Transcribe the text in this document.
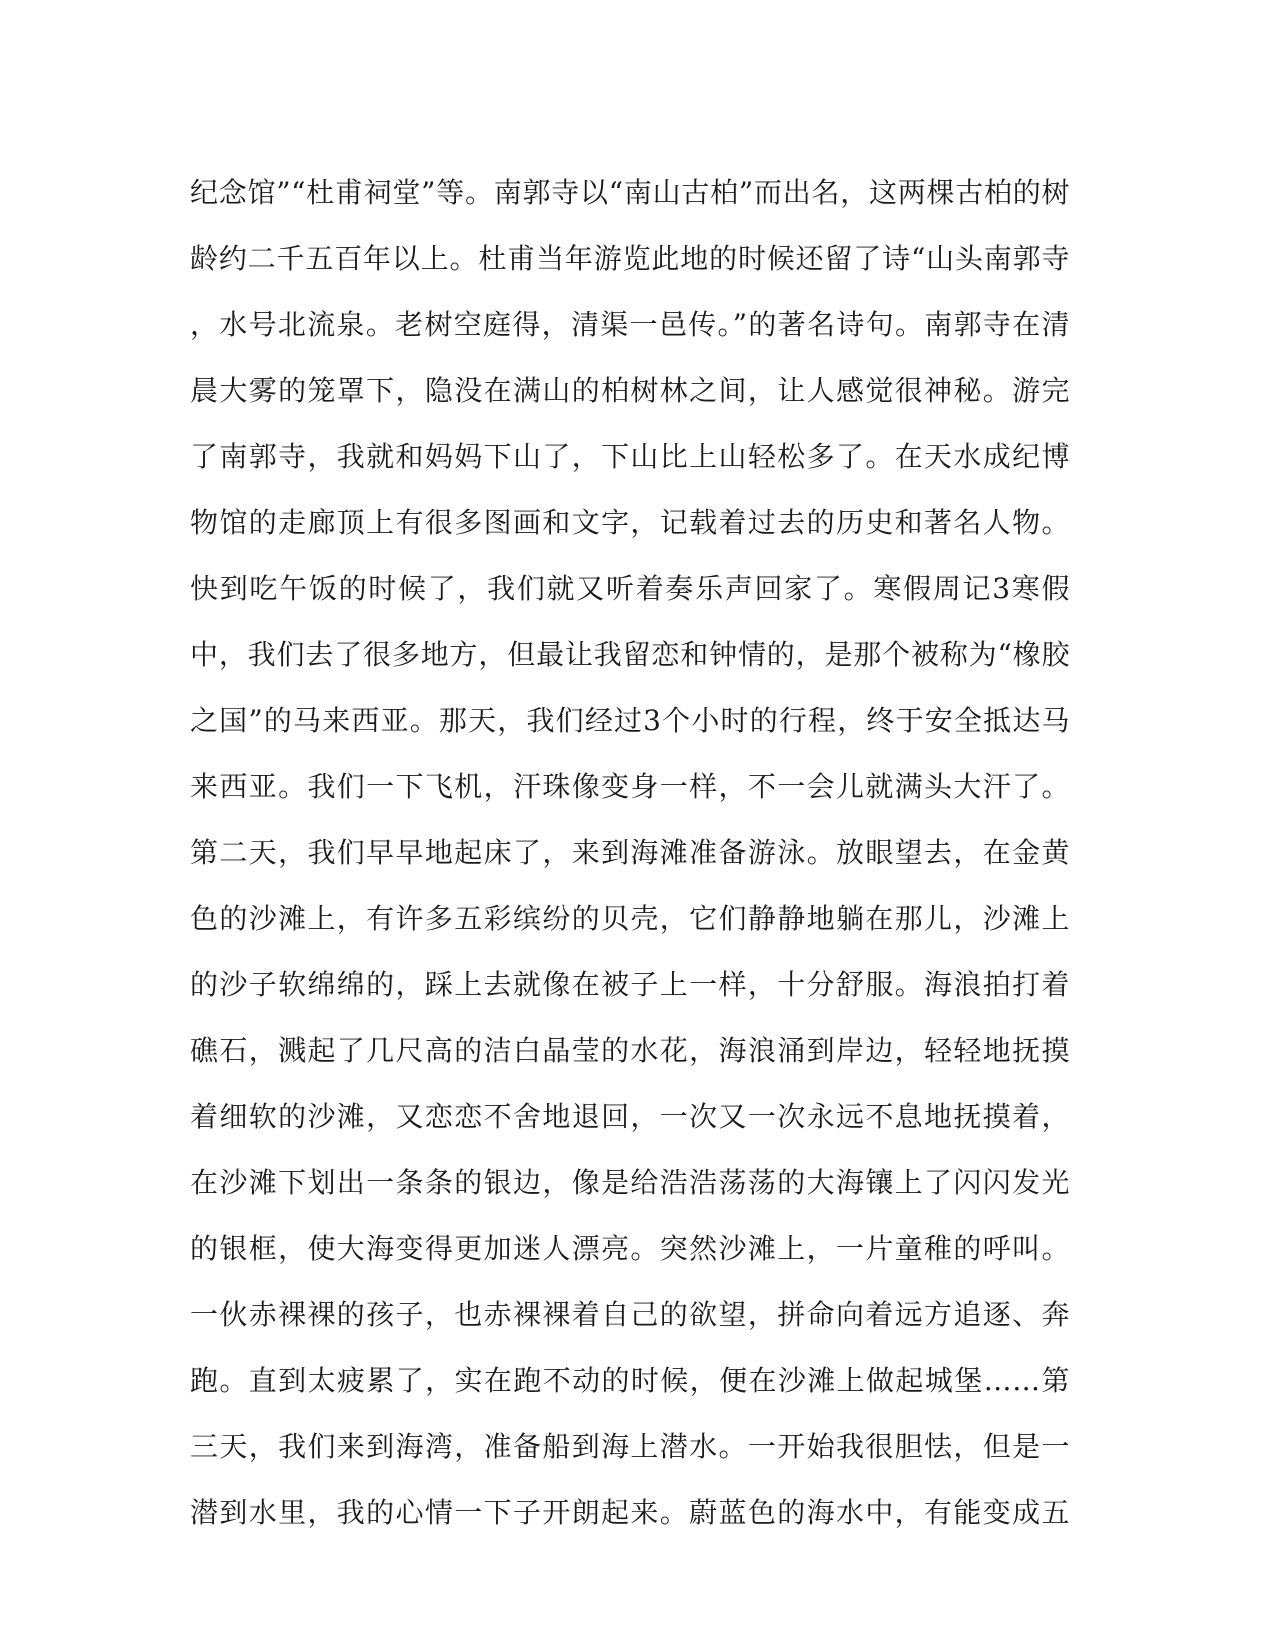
纪念馆”“杜甫祠堂”等。南郭寺以“南山古柏”而出名，这两棵古柏的树
龄约二千五百年以上。杜甫当年游览此地的时候还留了诗“山头南郭寺
，水号北流泉。老树空庭得，清渠一邑传。”的著名诗句。南郭寺在清
晨大雾的笼罩下，隐没在满山的柏树林之间，让人感觉很神秘。游完
了南郭寺，我就和妈妈下山了，下山比上山轻松多了。在天水成纪博
物馆的走廊顶上有很多图画和文字，记载着过去的历史和著名人物。
快到吃午饭的时候了，我们就又听着奏乐声回家了。寒假周记3寒假
中，我们去了很多地方，但最让我留恋和钟情的，是那个被称为“橡胶
之国”的马来西亚。那天，我们经过3个小时的行程，终于安全抵达马
来西亚。我们一下飞机，汗珠像变身一样，不一会儿就满头大汗了。
第二天，我们早早地起床了，来到海滩准备游泳。放眼望去，在金黄
色的沙滩上，有许多五彩缤纷的贝壳，它们静静地躺在那儿，沙滩上
的沙子软绵绵的，踩上去就像在被子上一样，十分舒服。海浪拍打着
礁石，溅起了几尺高的洁白晶莹的水花，海浪涌到岸边，轻轻地抚摸
着细软的沙滩，又恋恋不舍地退回，一次又一次永远不息地抚摸着，
在沙滩下划出一条条的银边，像是给浩浩荡荡的大海镶上了闪闪发光
的银框，使大海变得更加迷人漂亮。突然沙滩上，一片童稚的呼叫。
一伙赤裸裸的孩子，也赤裸裸着自己的欲望，拼命向着远方追逐、奔
跑。直到太疲累了，实在跑不动的时候，便在沙滩上做起城堡……第
三天，我们来到海湾，准备船到海上潜水。一开始我很胆怯，但是一
潜到水里，我的心情一下子开朗起来。蔚蓝色的海水中，有能变成五
